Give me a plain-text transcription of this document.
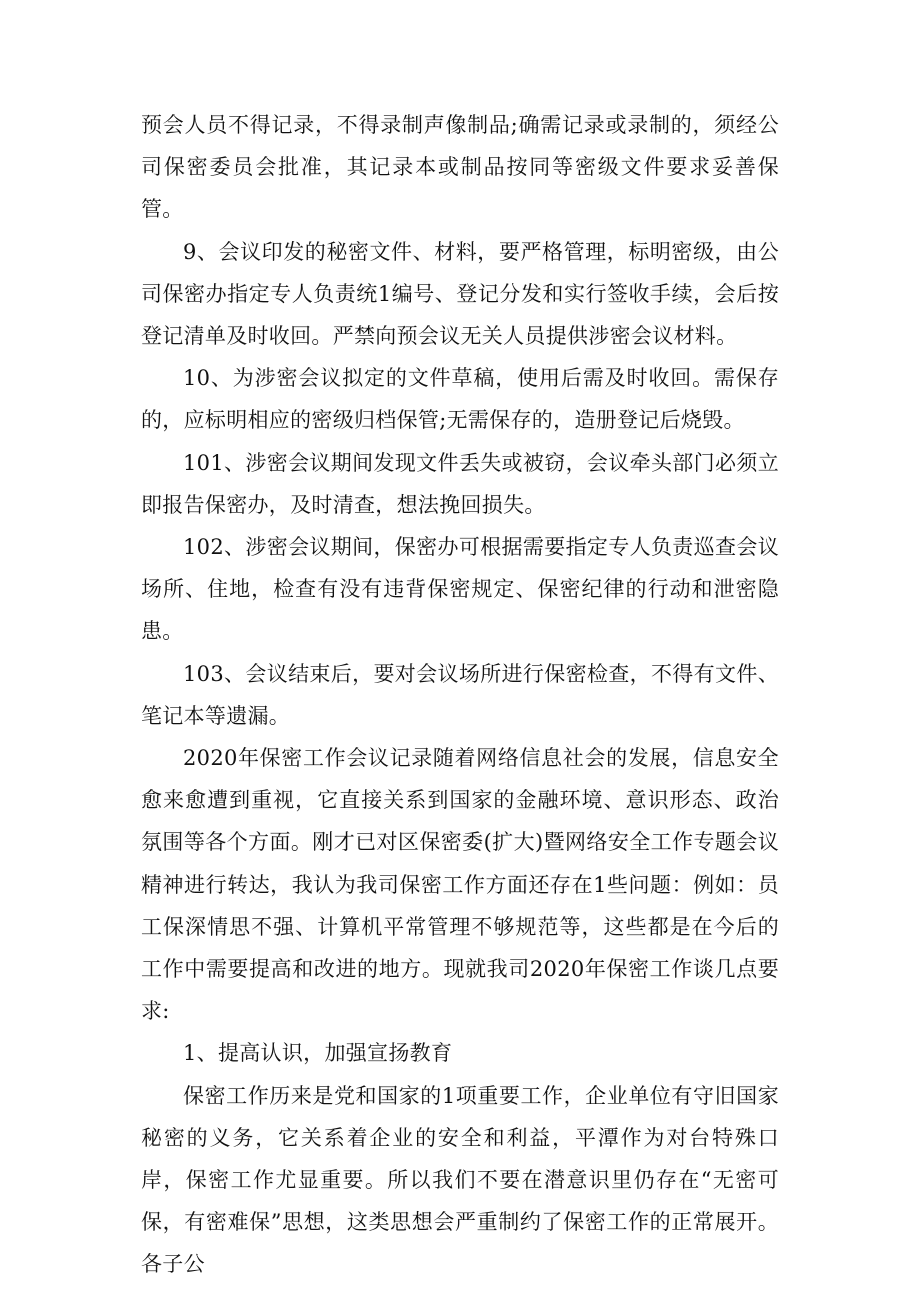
预会人员不得记录，不得录制声像制品;确需记录或录制的，须经公司保密委员会批准，其记录本或制品按同等密级文件要求妥善保管。

9、会议印发的秘密文件、材料，要严格管理，标明密级，由公司保密办指定专人负责统1编号、登记分发和实行签收手续，会后按登记清单及时收回。严禁向预会议无关人员提供涉密会议材料。

10、为涉密会议拟定的文件草稿，使用后需及时收回。需保存的，应标明相应的密级归档保管;无需保存的，造册登记后烧毁。

101、涉密会议期间发现文件丢失或被窃，会议牵头部门必须立即报告保密办，及时清查，想法挽回损失。

102、涉密会议期间，保密办可根据需要指定专人负责巡查会议场所、住地，检查有没有违背保密规定、保密纪律的行动和泄密隐患。

103、会议结束后，要对会议场所进行保密检查，不得有文件、笔记本等遗漏。

2020年保密工作会议记录随着网络信息社会的发展，信息安全愈来愈遭到重视，它直接关系到国家的金融环境、意识形态、政治氛围等各个方面。刚才已对区保密委(扩大)暨网络安全工作专题会议精神进行转达，我认为我司保密工作方面还存在1些问题：例如：员工保深情思不强、计算机平常管理不够规范等，这些都是在今后的工作中需要提高和改进的地方。现就我司2020年保密工作谈几点要求:

1、提高认识，加强宣扬教育

保密工作历来是党和国家的1项重要工作，企业单位有守旧国家秘密的义务，它关系着企业的安全和利益，平潭作为对台特殊口岸，保密工作尤显重要。所以我们不要在潜意识里仍存在“无密可保，有密难保”思想，这类思想会严重制约了保密工作的正常展开。各子公
